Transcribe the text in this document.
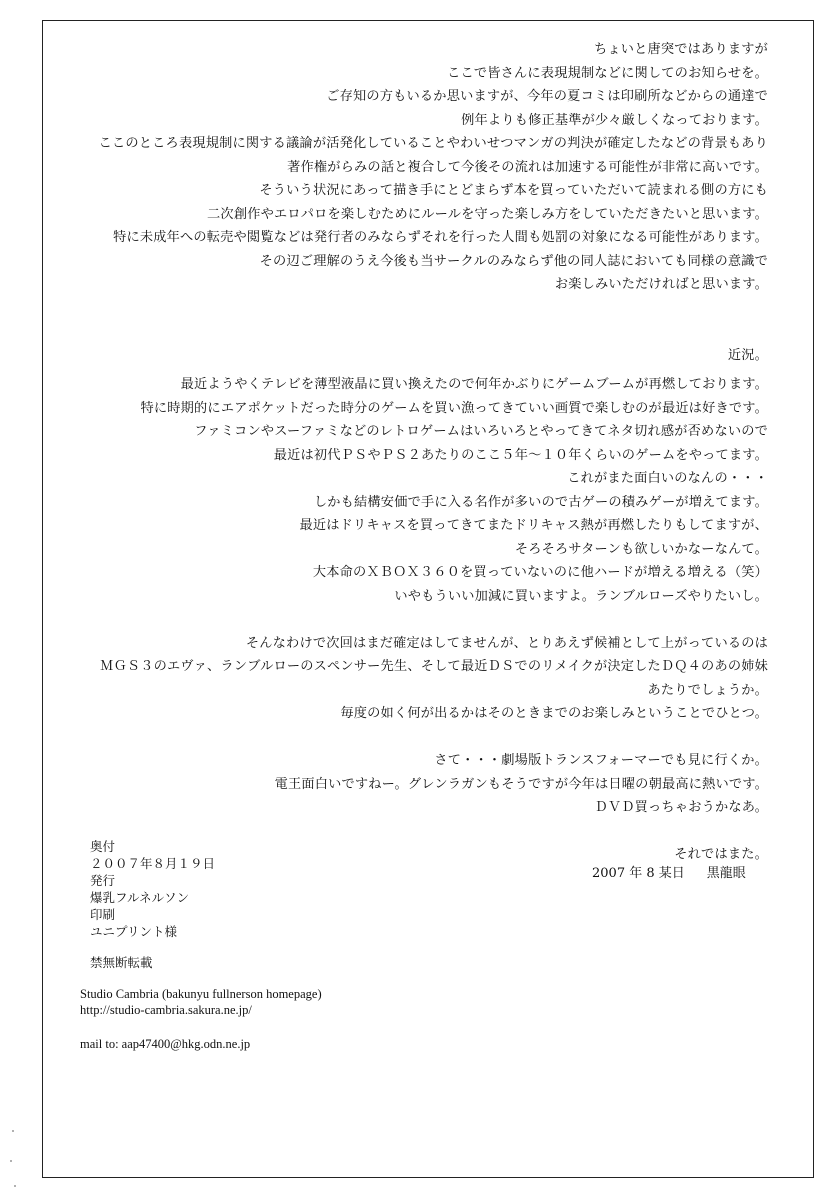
ちょいと唐突ではありますが

ここで皆さんに表現規制などに関してのお知らせを。

ご存知の方もいるか思いますが、今年の夏コミは印刷所などからの通達で

例年よりも修正基準が少々厳しくなっております。

ここのところ表現規制に関する議論が活発化していることやわいせつマンガの判決が確定したなどの背景もあり

著作権がらみの話と複合して今後その流れは加速する可能性が非常に高いです。

そういう状況にあって描き手にとどまらず本を買っていただいて読まれる側の方にも

二次創作やエロパロを楽しむためにルールを守った楽しみ方をしていただきたいと思います。

特に未成年への転売や閲覧などは発行者のみならずそれを行った人間も処罰の対象になる可能性があります。

その辺ご理解のうえ今後も当サークルのみならず他の同人誌においても同様の意識で

お楽しみいただければと思います。

近況。

最近ようやくテレビを薄型液晶に買い換えたので何年かぶりにゲームブームが再燃しております。

特に時期的にエアポケットだった時分のゲームを買い漁ってきていい画質で楽しむのが最近は好きです。

ファミコンやスーファミなどのレトロゲームはいろいろとやってきてネタ切れ感が否めないので

最近は初代ＰＳやＰＳ２あたりのここ５年～１０年くらいのゲームをやってます。

これがまた面白いのなんの・・・

しかも結構安価で手に入る名作が多いので古ゲーの積みゲーが増えてます。

最近はドリキャスを買ってきてまたドリキャス熱が再燃したりもしてますが、

そろそろサターンも欲しいかなーなんて。

大本命のＸＢＯＸ３６０を買っていないのに他ハードが増える増える（笑）

いやもういい加減に買いますよ。ランブルローズやりたいし。

そんなわけで次回はまだ確定はしてませんが、とりあえず候補として上がっているのは

ＭＧＳ３のエヴァ、ランブルローのスペンサー先生、そして最近ＤＳでのリメイクが決定したＤＱ４のあの姉妹

あたりでしょうか。

毎度の如く何が出るかはそのときまでのお楽しみということでひとつ。

さて・・・劇場版トランスフォーマーでも見に行くか。

電王面白いですねー。グレンラガンもそうですが今年は日曜の朝最高に熱いです。

ＤＶＤ買っちゃおうかなあ。

それではまた。

奥付

２００７年８月１９日

発行

爆乳フルネルソン

印刷

ユニプリント様

禁無断転載

2007 年 8 某日 黒龍眼

Studio Cambria (bakunyu fullnerson homepage)

http://studio-cambria.sakura.ne.jp/

mail to: aap47400@hkg.odn.ne.jp
